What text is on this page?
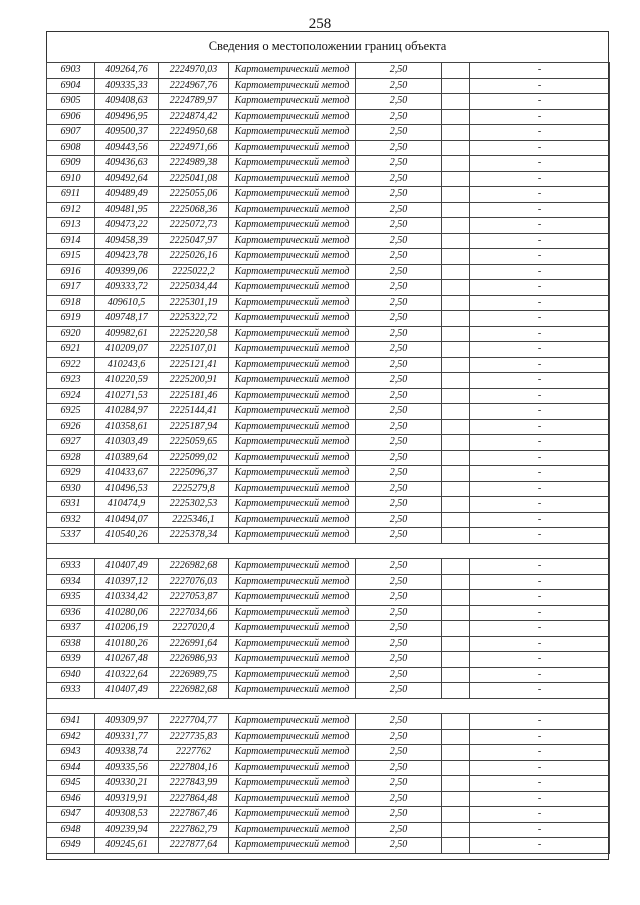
258
Сведения о местоположении границ объекта
6903	409264,76	2224970,03	Картометрический метод	2,50		-
6904	409335,33	2224967,76	Картометрический метод	2,50		-
6905	409408,63	2224789,97	Картометрический метод	2,50		-
6906	409496,95	2224874,42	Картометрический метод	2,50		-
6907	409500,37	2224950,68	Картометрический метод	2,50		-
6908	409443,56	2224971,66	Картометрический метод	2,50		-
6909	409436,63	2224989,38	Картометрический метод	2,50		-
6910	409492,64	2225041,08	Картометрический метод	2,50		-
6911	409489,49	2225055,06	Картометрический метод	2,50		-
6912	409481,95	2225068,36	Картометрический метод	2,50		-
6913	409473,22	2225072,73	Картометрический метод	2,50		-
6914	409458,39	2225047,97	Картометрический метод	2,50		-
6915	409423,78	2225026,16	Картометрический метод	2,50		-
6916	409399,06	2225022,2	Картометрический метод	2,50		-
6917	409333,72	2225034,44	Картометрический метод	2,50		-
6918	409610,5	2225301,19	Картометрический метод	2,50		-
6919	409748,17	2225322,72	Картометрический метод	2,50		-
6920	409982,61	2225220,58	Картометрический метод	2,50		-
6921	410209,07	2225107,01	Картометрический метод	2,50		-
6922	410243,6	2225121,41	Картометрический метод	2,50		-
6923	410220,59	2225200,91	Картометрический метод	2,50		-
6924	410271,53	2225181,46	Картометрический метод	2,50		-
6925	410284,97	2225144,41	Картометрический метод	2,50		-
6926	410358,61	2225187,94	Картометрический метод	2,50		-
6927	410303,49	2225059,65	Картометрический метод	2,50		-
6928	410389,64	2225099,02	Картометрический метод	2,50		-
6929	410433,67	2225096,37	Картометрический метод	2,50		-
6930	410496,53	2225279,8	Картометрический метод	2,50		-
6931	410474,9	2225302,53	Картометрический метод	2,50		-
6932	410494,07	2225346,1	Картометрический метод	2,50		-
5337	410540,26	2225378,34	Картометрический метод	2,50		-

6933	410407,49	2226982,68	Картометрический метод	2,50		-
6934	410397,12	2227076,03	Картометрический метод	2,50		-
6935	410334,42	2227053,87	Картометрический метод	2,50		-
6936	410280,06	2227034,66	Картометрический метод	2,50		-
6937	410206,19	2227020,4	Картометрический метод	2,50		-
6938	410180,26	2226991,64	Картометрический метод	2,50		-
6939	410267,48	2226986,93	Картометрический метод	2,50		-
6940	410322,64	2226989,75	Картометрический метод	2,50		-
6933	410407,49	2226982,68	Картометрический метод	2,50		-

6941	409309,97	2227704,77	Картометрический метод	2,50		-
6942	409331,77	2227735,83	Картометрический метод	2,50		-
6943	409338,74	2227762	Картометрический метод	2,50		-
6944	409335,56	2227804,16	Картометрический метод	2,50		-
6945	409330,21	2227843,99	Картометрический метод	2,50		-
6946	409319,91	2227864,48	Картометрический метод	2,50		-
6947	409308,53	2227867,46	Картометрический метод	2,50		-
6948	409239,94	2227862,79	Картометрический метод	2,50		-
6949	409245,61	2227877,64	Картометрический метод	2,50		-
